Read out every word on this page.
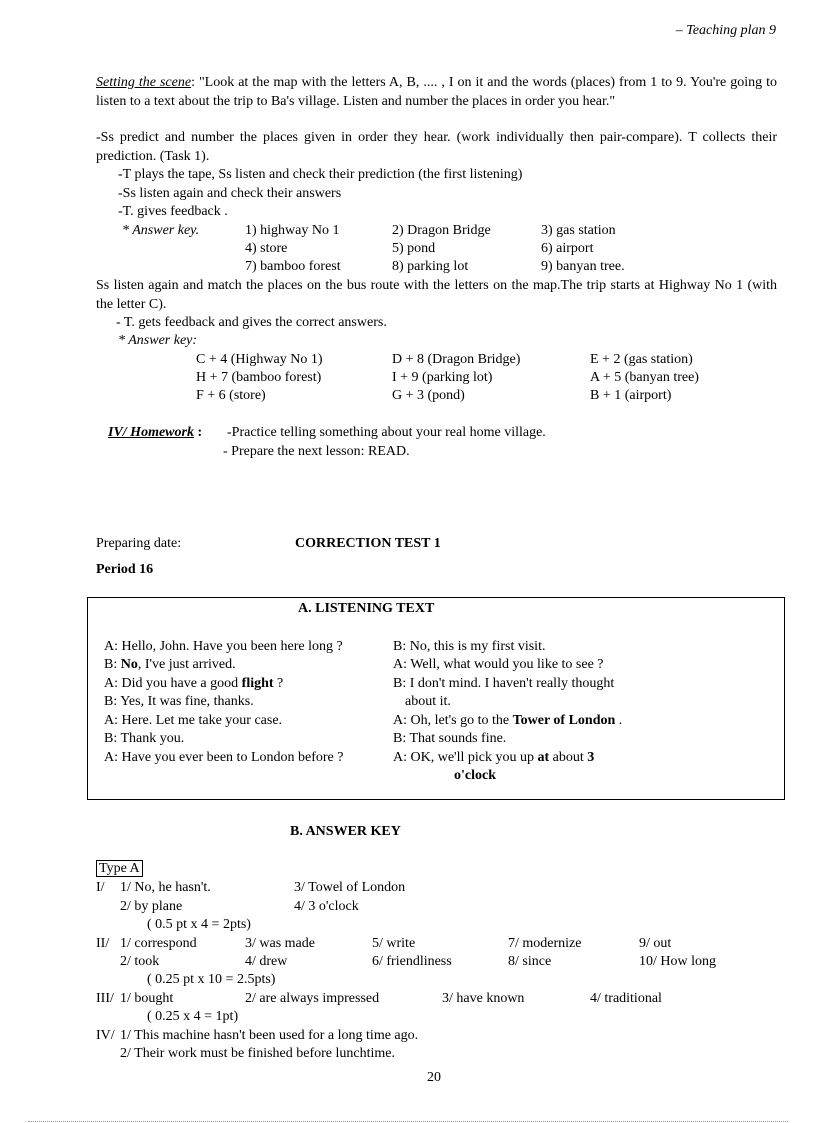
– Teaching plan 9
Setting the scene: "Look at the map with the letters A, B, .... , I on it and the words (places) from 1 to 9. You're going to listen to a text about the trip to Ba's village. Listen and number the places in order you hear."
-Ss predict and number the places given in order they hear. (work individually then pair-compare). T collects their prediction. (Task 1).
-T plays the tape, Ss listen and check their prediction (the first listening)
-Ss listen again and check their answers
-T. gives feedback .
* Answer key.	1) highway No 1	2) Dragon Bridge	3) gas station
4) store	5) pond	6) airport
7) bamboo forest	8) parking lot	9) banyan tree.
Ss listen again and match the places on the bus route with the letters on the map.The trip starts at Highway No 1 (with the letter C).
- T. gets feedback and gives the correct answers.
* Answer key:
C + 4 (Highway No 1)	D + 8 (Dragon Bridge)	E + 2 (gas station)
H + 7 (bamboo forest)	I + 9 (parking lot)	A + 5 (banyan tree)
F + 6 (store)	G + 3 (pond)	B + 1 (airport)
IV/ Homework : -Practice telling something about your real home village.
- Prepare the next lesson: READ.
Preparing date:	CORRECTION TEST 1
Period 16
A. LISTENING TEXT
A: Hello, John. Have you been here long ?
B: No, I've just arrived.
A: Did you have a good flight ?
B: Yes, It was fine, thanks.
A: Here. Let me take your case.
B: Thank you.
A: Have you ever been to London before ?
B: No, this is my first visit.
A: Well, what would you like to see ?
B: I don't mind. I haven't really thought
about it.
A: Oh, let's go to the Tower of London .
B: That sounds fine.
A: OK, we'll pick you up at about 3
o'clock
B. ANSWER KEY
Type A
I/ 1/ No, he hasn't.	3/ Towel of London
2/ by plane	4/ 3 o'clock
( 0.5 pt x 4 = 2pts)
II/ 1/ correspond	3/ was made	5/ write	7/ modernize	9/ out
2/ took	4/ drew	6/ friendliness	8/ since	10/ How long
( 0.25 pt x 10 = 2.5pts)
III/ 1/ bought	2/ are always impressed	3/ have known	4/ traditional
( 0.25 x 4 = 1pt)
IV/ 1/ This machine hasn't been used for a long time ago.
2/ Their work must be finished before lunchtime.
20
